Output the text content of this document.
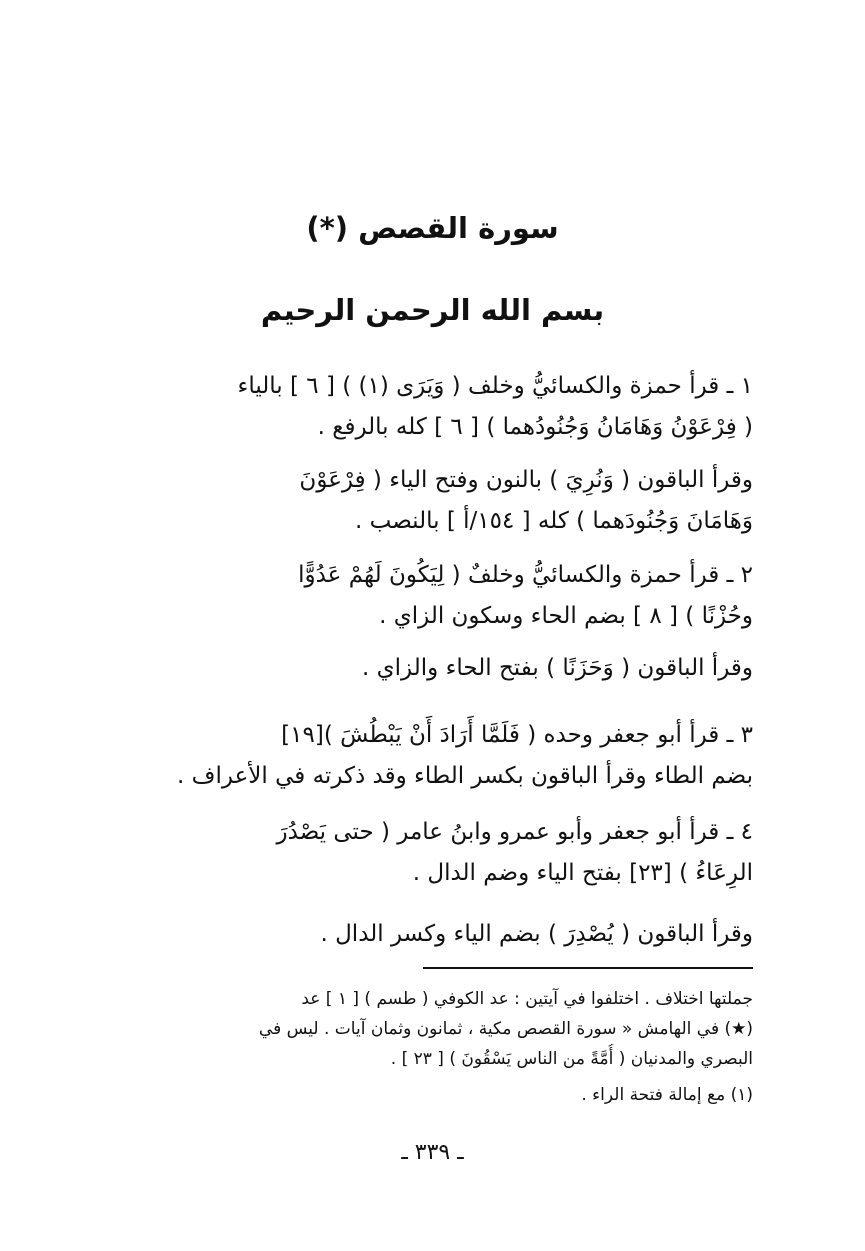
سورة القصص (*)
بسم الله الرحمن الرحيم
١ ـ قرأ حمزة والكسائيُّ وخلف ( وَيَرَى (١) ) [ ٦ ] بالياء
( فِرْعَوْنُ وَهَامَانُ وَجُنُودُهما ) [ ٦ ] كله بالرفع .
وقرأ الباقون ( وَنُرِيَ ) بالنون وفتح الياء ( فِرْعَوْنَ
وَهَامَانَ وَجُنُودَهما ) كله [ ١٥٤/أ ] بالنصب .
٢ ـ قرأ حمزة والكسائيُّ وخلفٌ ( لِيَكُونَ لَهُمْ عَدُوًّا
وحُزْنًا ) [ ٨ ] بضم الحاء وسكون الزاي .
وقرأ الباقون ( وَحَزَنًا ) بفتح الحاء والزاي .
٣ ـ قرأ أبو جعفر وحده ( فَلَمَّا أَرَادَ أَنْ يَبْطُشَ )[١٩]
بضم الطاء وقرأ الباقون بكسر الطاء وقد ذكرته في الأعراف .
٤ ـ قرأ أبو جعفر وأبو عمرو وابنُ عامر ( حتى يَصْدُرَ
الرِعَاءُ ) [٢٣] بفتح الياء وضم الدال .
وقرأ الباقون ( يُصْدِرَ ) بضم الياء وكسر الدال .
جملتها اختلاف . اختلفوا في آيتين : عد الكوفي ( طسم ) [ ١ ] عد
(★) في الهامش « سورة القصص مكية ، ثمانون وثمان آيات . ليس في
البصري والمدنيان ( أُمَّةً من الناس يَسْقُونَ ) [ ٢٣ ] .
(١) مع إمالة فتحة الراء .
ـ ٣٣٩ ـ
